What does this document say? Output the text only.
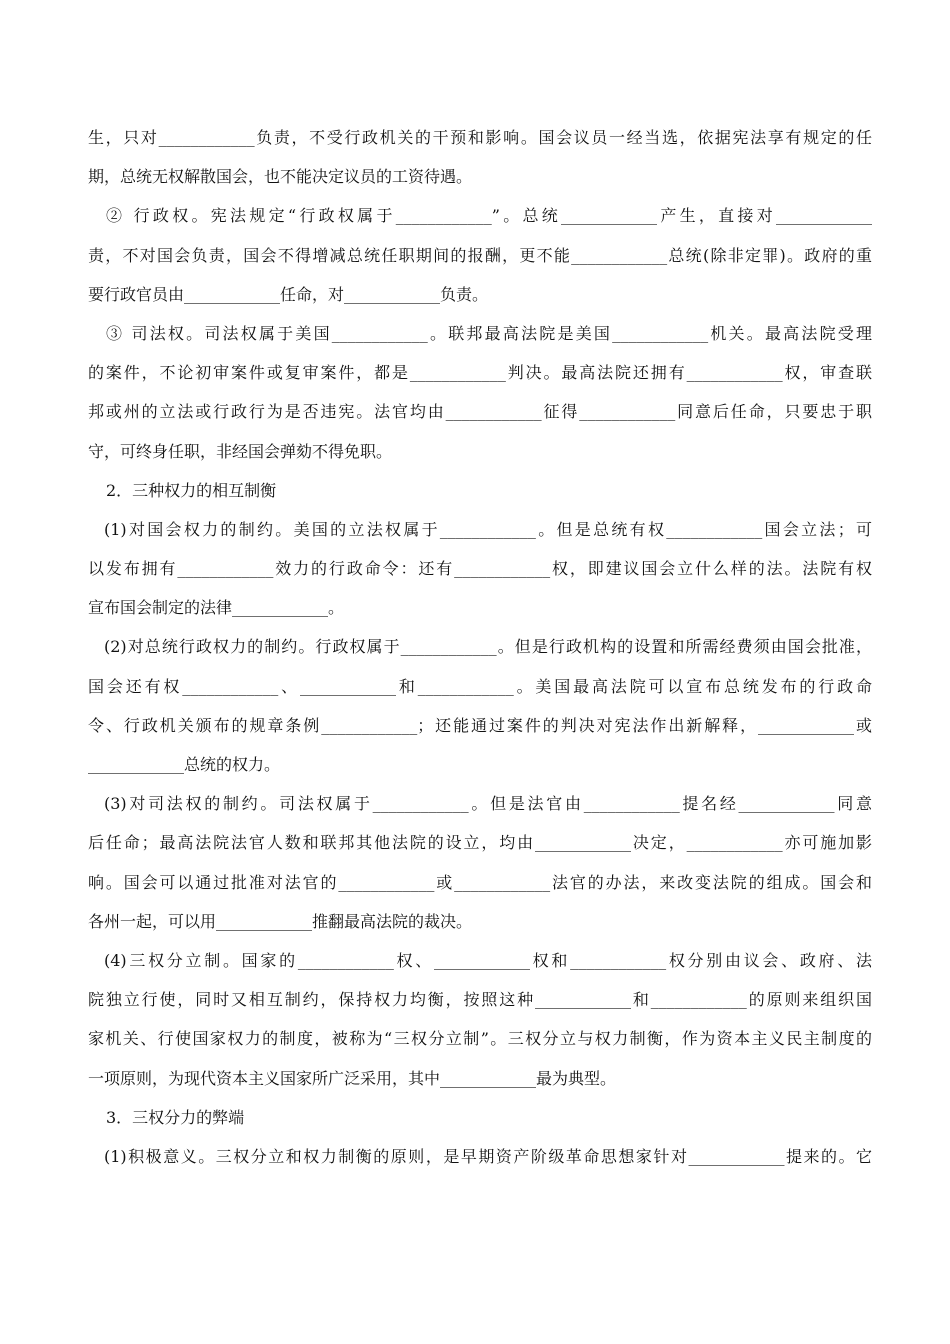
生，只对____________负责，不受行政机关的干预和影响。国会议员一经当选，依据宪法享有规定的任
期，总统无权解散国会，也不能决定议员的工资待遇。
② 行政权。宪法规定“行政权属于____________”。总统____________产生，直接对____________
责，不对国会负责，国会不得增减总统任职期间的报酬，更不能____________总统(除非定罪)。政府的重
要行政官员由____________任命，对____________负责。
③ 司法权。司法权属于美国____________。联邦最高法院是美国____________机关。最高法院受理
的案件，不论初审案件或复审案件，都是____________判决。最高法院还拥有____________权，审查联
邦或州的立法或行政行为是否违宪。法官均由____________征得____________同意后任命，只要忠于职
守，可终身任职，非经国会弹劾不得免职。
2．三种权力的相互制衡
(1)对国会权力的制约。美国的立法权属于____________。但是总统有权____________国会立法；可
以发布拥有____________效力的行政命令：还有____________权，即建议国会立什么样的法。法院有权
宣布国会制定的法律____________。
(2)对总统行政权力的制约。行政权属于____________。但是行政机构的设置和所需经费须由国会批准，
国会还有权____________、____________和____________。美国最高法院可以宣布总统发布的行政命
令、行政机关颁布的规章条例____________；还能通过案件的判决对宪法作出新解释，____________或
____________总统的权力。
(3)对司法权的制约。司法权属于____________。但是法官由____________提名经____________同意
后任命；最高法院法官人数和联邦其他法院的设立，均由____________决定，____________亦可施加影
响。国会可以通过批准对法官的____________或____________法官的办法，来改变法院的组成。国会和
各州一起，可以用____________推翻最高法院的裁决。
(4)三权分立制。国家的____________权、____________权和____________权分别由议会、政府、法
院独立行使，同时又相互制约，保持权力均衡，按照这种____________和____________的原则来组织国
家机关、行使国家权力的制度，被称为“三权分立制”。三权分立与权力制衡，作为资本主义民主制度的
一项原则，为现代资本主义国家所广泛采用，其中____________最为典型。
3．三权分力的弊端
(1)积极意义。三权分立和权力制衡的原则，是早期资产阶级革命思想家针对____________提来的。它
